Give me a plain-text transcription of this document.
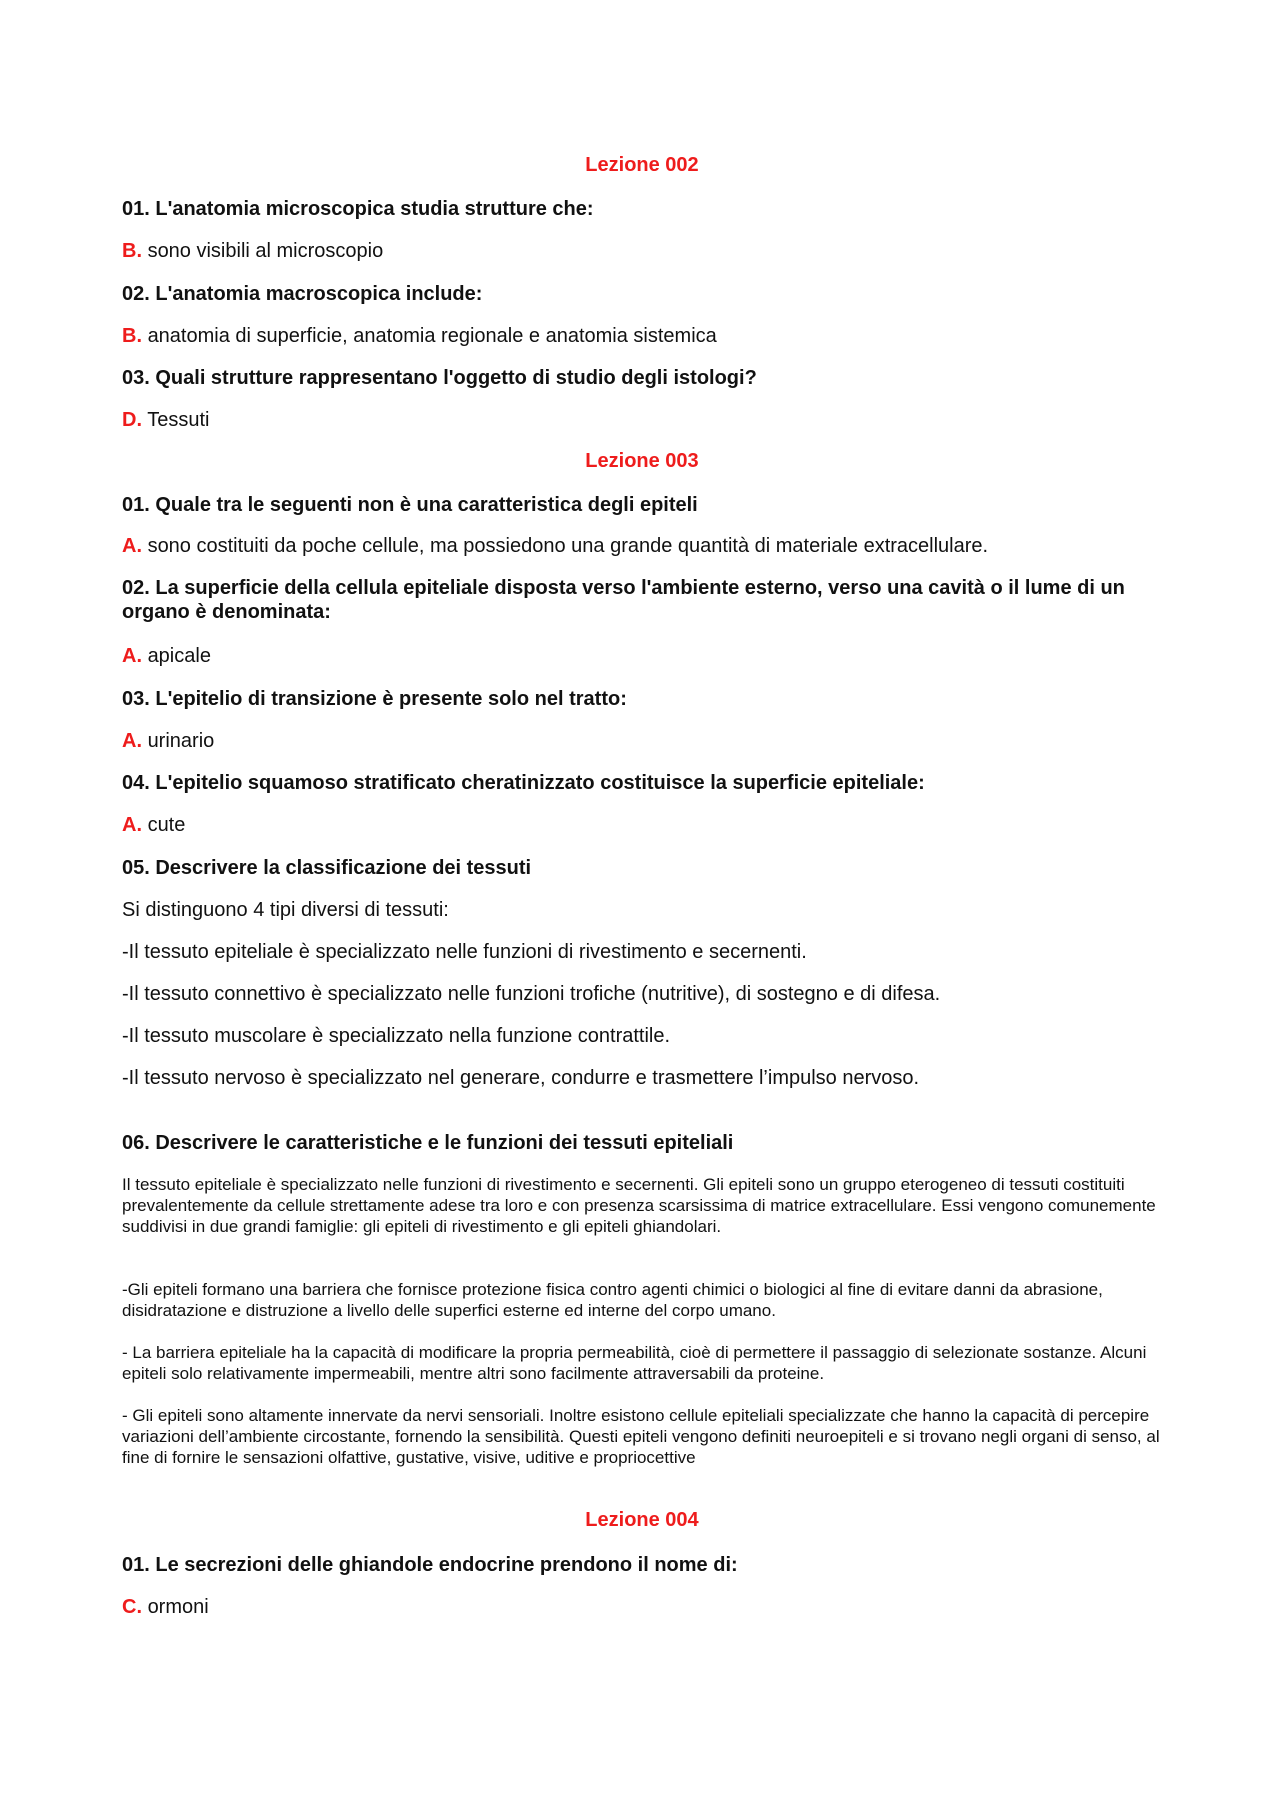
Lezione 002
01. L'anatomia microscopica studia strutture che:
B. sono visibili al microscopio
02. L'anatomia macroscopica include:
B. anatomia di superficie, anatomia regionale e anatomia sistemica
03. Quali strutture rappresentano l'oggetto di studio degli istologi?
D. Tessuti
Lezione 003
01. Quale tra le seguenti non è una caratteristica degli epiteli
A. sono costituiti da poche cellule, ma possiedono una grande quantità di materiale extracellulare.
02. La superficie della cellula epiteliale disposta verso l'ambiente esterno, verso una cavità o il lume di un organo è denominata:
A. apicale
03. L'epitelio di transizione è presente solo nel tratto:
A. urinario
04. L'epitelio squamoso stratificato cheratinizzato costituisce la superficie epiteliale:
A. cute
05. Descrivere la classificazione dei tessuti
Si distinguono 4 tipi diversi di tessuti:
-Il tessuto epiteliale è specializzato nelle funzioni di rivestimento e secernenti.
-Il tessuto connettivo è specializzato nelle funzioni trofiche (nutritive), di sostegno e di difesa.
-Il tessuto muscolare è specializzato nella funzione contrattile.
-Il tessuto nervoso è specializzato nel generare, condurre e trasmettere l’impulso nervoso.
06. Descrivere le caratteristiche e le funzioni dei tessuti epiteliali
Il tessuto epiteliale è specializzato nelle funzioni di rivestimento e secernenti. Gli epiteli sono un gruppo eterogeneo di tessuti costituiti prevalentemente da cellule strettamente adese tra loro e con presenza scarsissima di matrice extracellulare. Essi vengono comunemente suddivisi in due grandi famiglie: gli epiteli di rivestimento e gli epiteli ghiandolari.
-Gli epiteli formano una barriera che fornisce protezione fisica contro agenti chimici o biologici al fine di evitare danni da abrasione, disidratazione e distruzione a livello delle superfici esterne ed interne del corpo umano.
- La barriera epiteliale ha la capacità di modificare la propria permeabilità, cioè di permettere il passaggio di selezionate sostanze. Alcuni epiteli solo relativamente impermeabili, mentre altri sono facilmente attraversabili da proteine.
- Gli epiteli sono altamente innervate da nervi sensoriali. Inoltre esistono cellule epiteliali specializzate che hanno la capacità di percepire variazioni dell’ambiente circostante, fornendo la sensibilità. Questi epiteli vengono definiti neuroepiteli e si trovano negli organi di senso, al fine di fornire le sensazioni olfattive, gustative, visive, uditive e propriocettive
Lezione 004
01. Le secrezioni delle ghiandole endocrine prendono il nome di:
C. ormoni
